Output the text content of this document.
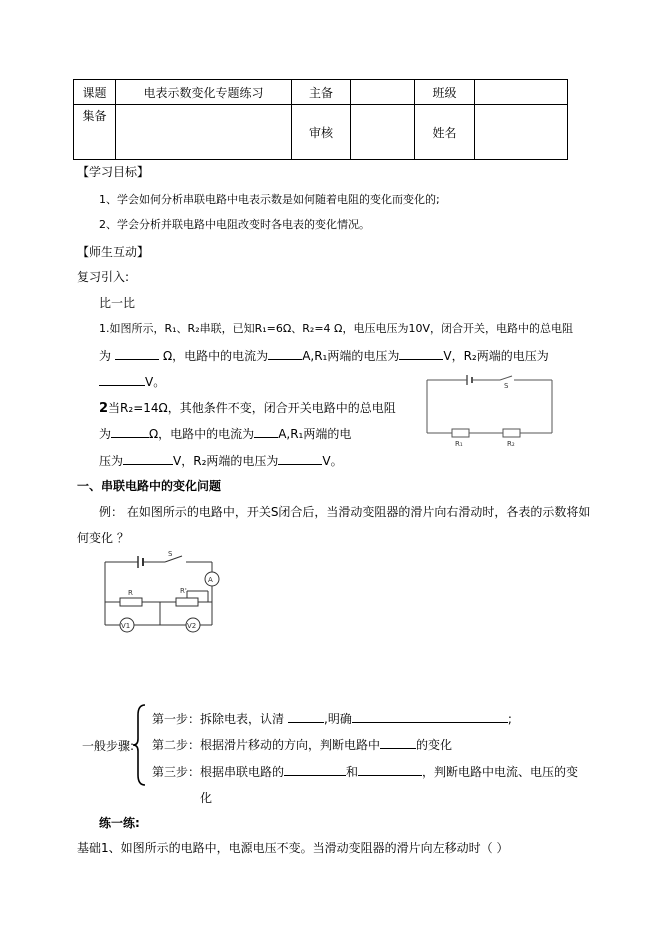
课题	电表示数变化专题练习	主备		班级	
集备		审核		姓名	
【学习目标】
1、学会如何分析串联电路中电表示数是如何随着电阻的变化而变化的;
2、学会分析并联电路中电阻改变时各电表的变化情况。
【师生互动】
复习引入:
比一比
1.如图所示，R₁、R₂串联，已知R₁=6Ω、R₂=4 Ω，电压电压为10V，闭合开关，电路中的总电阻
为	Ω，电路中的电流为	A,R₁两端的电压为	V，R₂两端的电压为
V。
2当R₂=14Ω，其他条件不变，闭合开关电路中的总电阻
为	Ω，电路中的电流为 A,R₁两端的电
压为	V，R₂两端的电压为	V。
S
R₁	R₂
一、串联电路中的变化问题
例： 在如图所示的电路中，开关S闭合后，当滑动变阻器的滑片向右滑动时，各表的示数将如
何变化 ？
S
A
R	R'
V1	V2
一般步骤:
第一步：拆除电表，认清	,明确	;
第二步：根据滑片移动的方向，判断电路中	的变化
第三步：根据串联电路的	和	，判断电路中电流、电压的变
化
练一练:
基础1、如图所示的电路中，电源电压不变。当滑动变阻器的滑片向左移动时（ ）
